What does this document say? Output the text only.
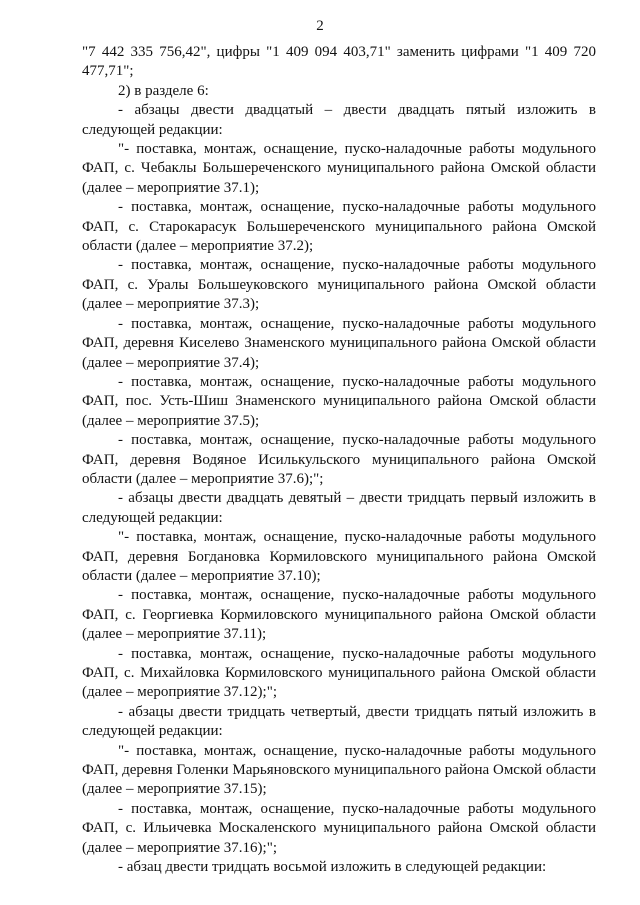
2

"7 442 335 756,42", цифры "1 409 094 403,71" заменить цифрами "1 409 720 477,71";

2) в разделе 6:

- абзацы двести двадцатый – двести двадцать пятый изложить в следующей редакции:

"- поставка, монтаж, оснащение, пуско-наладочные работы модульного ФАП, с. Чебаклы Большереченского муниципального района Омской области (далее – мероприятие 37.1);

- поставка, монтаж, оснащение, пуско-наладочные работы модульного ФАП, с. Старокарасук Большереченского муниципального района Омской области (далее – мероприятие 37.2);

- поставка, монтаж, оснащение, пуско-наладочные работы модульного ФАП, с. Уралы Большеуковского муниципального района Омской области (далее – мероприятие 37.3);

- поставка, монтаж, оснащение, пуско-наладочные работы модульного ФАП, деревня Киселево Знаменского муниципального района Омской области (далее – мероприятие 37.4);

- поставка, монтаж, оснащение, пуско-наладочные работы модульного ФАП, пос. Усть-Шиш Знаменского муниципального района Омской области (далее – мероприятие 37.5);

- поставка, монтаж, оснащение, пуско-наладочные работы модульного ФАП, деревня Водяное Исилькульского муниципального района Омской области (далее – мероприятие 37.6);";

- абзацы двести двадцать девятый – двести тридцать первый изложить в следующей редакции:

"- поставка, монтаж, оснащение, пуско-наладочные работы модульного ФАП, деревня Богдановка Кормиловского муниципального района Омской области (далее – мероприятие 37.10);

- поставка, монтаж, оснащение, пуско-наладочные работы модульного ФАП, с. Георгиевка Кормиловского муниципального района Омской области (далее – мероприятие 37.11);

- поставка, монтаж, оснащение, пуско-наладочные работы модульного ФАП, с. Михайловка Кормиловского муниципального района Омской области (далее – мероприятие 37.12);";

- абзацы двести тридцать четвертый, двести тридцать пятый изложить в следующей редакции:

"- поставка, монтаж, оснащение, пуско-наладочные работы модульного ФАП, деревня Голенки Марьяновского муниципального района Омской области (далее – мероприятие 37.15);

- поставка, монтаж, оснащение, пуско-наладочные работы модульного ФАП, с. Ильичевка Москаленского муниципального района Омской области (далее – мероприятие 37.16);";

- абзац двести тридцать восьмой изложить в следующей редакции:
